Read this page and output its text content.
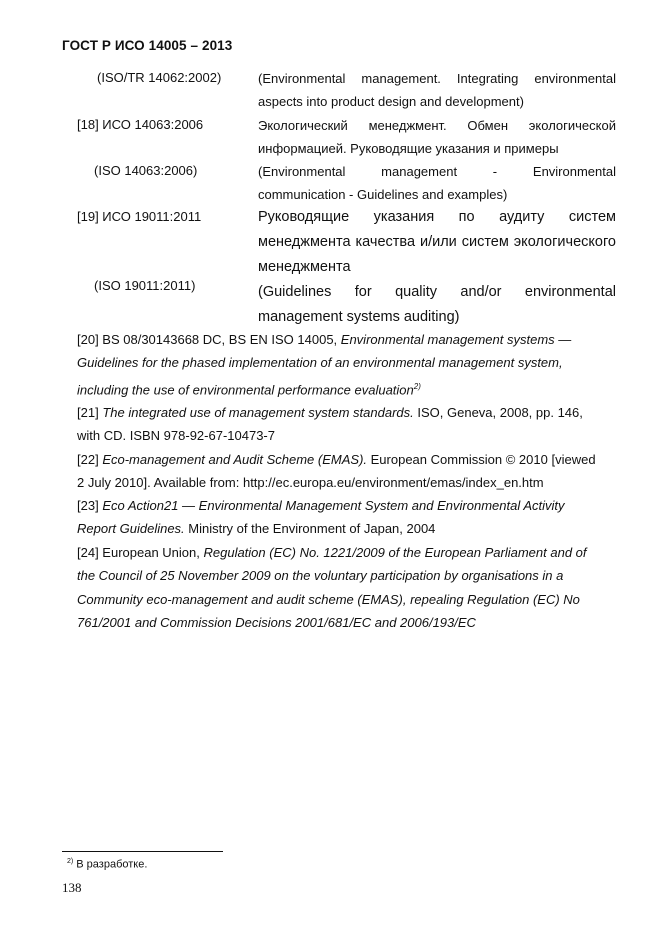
ГОСТ Р ИСО 14005 – 2013
(ISO/TR 14062:2002)
[18] ИСО 14063:2006
(ISO 14063:2006)
[19] ИСО 19011:2011
(ISO 19011:2011)
(Environmental management. Integrating environmental
aspects into product design and development)
Экологический менеджмент. Обмен экологической
информацией. Руководящие указания и примеры
(Environmental management - Environmental
communication - Guidelines and examples)
Руководящие указания по аудиту систем
менеджмента качества и/или систем экологического
менеджмента
(Guidelines for quality and/or environmental
management systems auditing)
[20] BS 08/30143668 DC, BS EN ISO 14005, Environmental management systems —
Guidelines for the phased implementation of an environmental management system,
including the use of environmental performance evaluation$^{2)}$
[21] The integrated use of management system standards. ISO, Geneva, 2008, pp. 146,
with CD. ISBN 978-92-67-10473-7
[22] Eco-management and Audit Scheme (EMAS). European Commission © 2010 [viewed
2 July 2010]. Available from: http://ec.europa.eu/environment/emas/index_en.htm
[23] Eco Action21 — Environmental Management System and Environmental Activity
Report Guidelines. Ministry of the Environment of Japan, 2004
[24] European Union, Regulation (EC) No. 1221/2009 of the European Parliament and of
the Council of 25 November 2009 on the voluntary participation by organisations in a
Community eco-management and audit scheme (EMAS), repealing Regulation (EC) No
761/2001 and Commission Decisions 2001/681/EC and 2006/193/EC
$^{2)}$ В разработке.
138
